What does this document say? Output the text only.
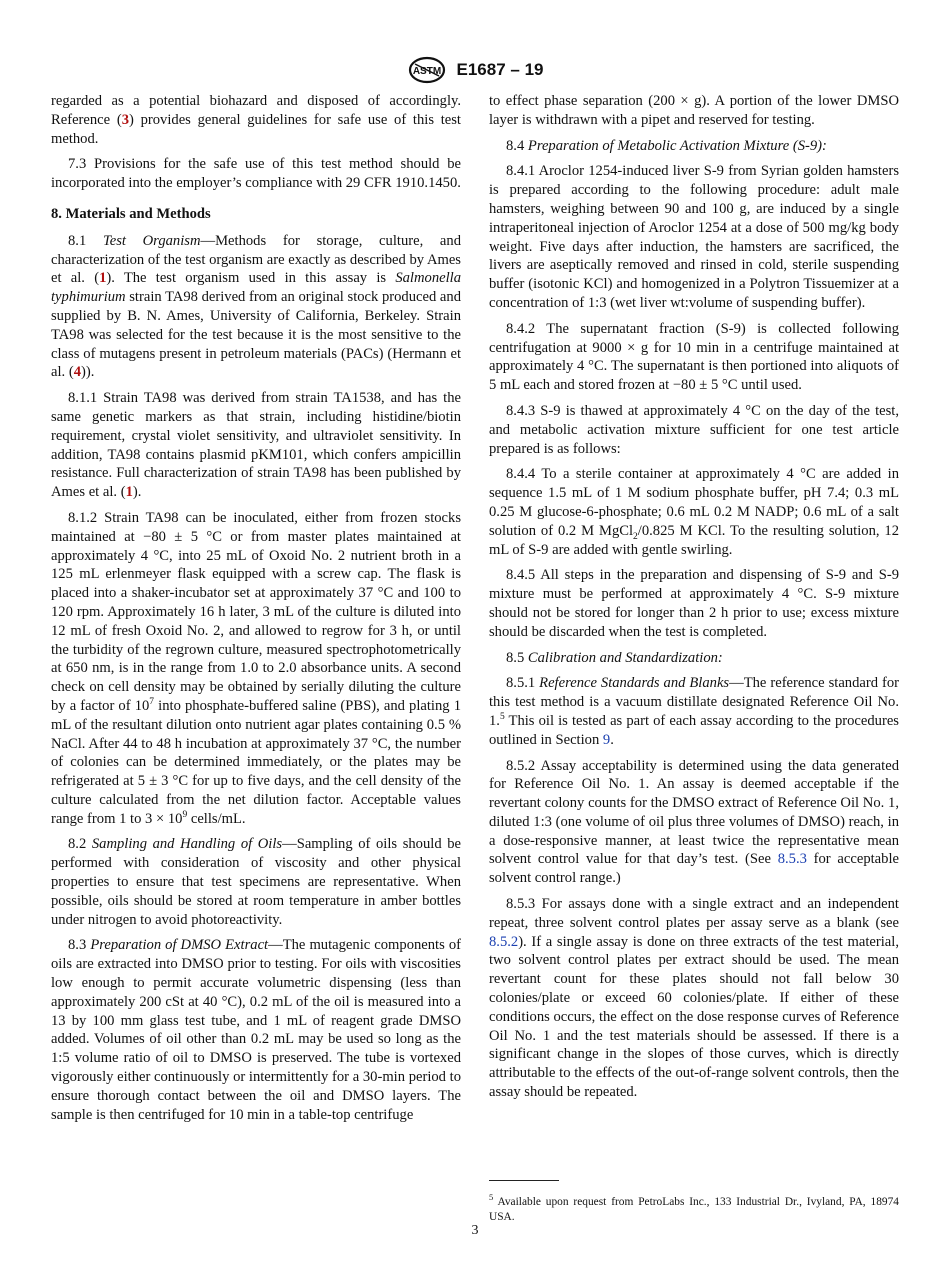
ASTM E1687 – 19

regarded as a potential biohazard and disposed of accordingly. Reference (3) provides general guidelines for safe use of this test method.

7.3 Provisions for the safe use of this test method should be incorporated into the employer’s compliance with 29 CFR 1910.1450.

8. Materials and Methods

8.1 Test Organism—Methods for storage, culture, and characterization of the test organism are exactly as described by Ames et al. (1). The test organism used in this assay is Salmonella typhimurium strain TA98 derived from an original stock produced and supplied by B. N. Ames, University of California, Berkeley. Strain TA98 was selected for the test because it is the most sensitive to the class of mutagens present in petroleum materials (PACs) (Hermann et al. (4)).

8.1.1 Strain TA98 was derived from strain TA1538, and has the same genetic markers as that strain, including histidine/biotin requirement, crystal violet sensitivity, and ultraviolet sensitivity. In addition, TA98 contains plasmid pKM101, which confers ampicillin resistance. Full characterization of strain TA98 has been published by Ames et al. (1).

8.1.2 Strain TA98 can be inoculated, either from frozen stocks maintained at −80 ± 5 °C or from master plates maintained at approximately 4 °C, into 25 mL of Oxoid No. 2 nutrient broth in a 125 mL erlenmeyer flask equipped with a screw cap. The flask is placed into a shaker-incubator set at approximately 37 °C and 100 to 120 rpm. Approximately 16 h later, 3 mL of the culture is diluted into 12 mL of fresh Oxoid No. 2, and allowed to regrow for 3 h, or until the turbidity of the regrown culture, measured spectrophotometrically at 650 nm, is in the range from 1.0 to 2.0 absorbance units. A second check on cell density may be obtained by serially diluting the culture by a factor of $10^7$ into phosphate-buffered saline (PBS), and plating 1 mL of the resultant dilution onto nutrient agar plates containing 0.5 % NaCl. After 44 to 48 h incubation at approximately 37 °C, the number of colonies can be determined immediately, or the plates may be refrigerated at 5 ± 3 °C for up to five days, and the cell density of the culture calculated from the net dilution factor. Acceptable values range from 1 to $3 \times 10^9$ cells/mL.

8.2 Sampling and Handling of Oils—Sampling of oils should be performed with consideration of viscosity and other physical properties to ensure that test specimens are representative. When possible, oils should be stored at room temperature in amber bottles under nitrogen to avoid photoreactivity.

8.3 Preparation of DMSO Extract—The mutagenic components of oils are extracted into DMSO prior to testing. For oils with viscosities low enough to permit accurate volumetric dispensing (less than approximately 200 cSt at 40 °C), 0.2 mL of the oil is measured into a 13 by 100 mm glass test tube, and 1 mL of reagent grade DMSO added. Volumes of oil other than 0.2 mL may be used so long as the 1:5 volume ratio of oil to DMSO is preserved. The tube is vortexed vigorously either continuously or intermittently for a 30-min period to ensure thorough contact between the oil and DMSO layers. The sample is then centrifuged for 10 min in a table-top centrifuge

to effect phase separation (200 × g). A portion of the lower DMSO layer is withdrawn with a pipet and reserved for testing.

8.4 Preparation of Metabolic Activation Mixture (S-9):

8.4.1 Aroclor 1254-induced liver S-9 from Syrian golden hamsters is prepared according to the following procedure: adult male hamsters, weighing between 90 and 100 g, are induced by a single intraperitoneal injection of Aroclor 1254 at a dose of 500 mg/kg body weight. Five days after induction, the hamsters are sacrificed, the livers are aseptically removed and rinsed in cold, sterile suspending buffer (isotonic KCl) and homogenized in a Polytron Tissuemizer at a concentration of 1:3 (wet liver wt:volume of suspending buffer).

8.4.2 The supernatant fraction (S-9) is collected following centrifugation at 9000 × g for 10 min in a centrifuge maintained at approximately 4 °C. The supernatant is then portioned into aliquots of 5 mL each and stored frozen at −80 ± 5 °C until used.

8.4.3 S-9 is thawed at approximately 4 °C on the day of the test, and metabolic activation mixture sufficient for one test article prepared is as follows:

8.4.4 To a sterile container at approximately 4 °C are added in sequence 1.5 mL of 1 M sodium phosphate buffer, pH 7.4; 0.3 mL 0.25 M glucose-6-phosphate; 0.6 mL 0.2 M NADP; 0.6 mL of a salt solution of 0.2 M MgCl$_2$/0.825 M KCl. To the resulting solution, 12 mL of S-9 are added with gentle swirling.

8.4.5 All steps in the preparation and dispensing of S-9 and S-9 mixture must be performed at approximately 4 °C. S-9 mixture should not be stored for longer than 2 h prior to use; excess mixture should be discarded when the test is completed.

8.5 Calibration and Standardization:

8.5.1 Reference Standards and Blanks—The reference standard for this test method is a vacuum distillate designated Reference Oil No. 1.$^5$ This oil is tested as part of each assay according to the procedures outlined in Section 9.

8.5.2 Assay acceptability is determined using the data generated for Reference Oil No. 1. An assay is deemed acceptable if the revertant colony counts for the DMSO extract of Reference Oil No. 1, diluted 1:3 (one volume of oil plus three volumes of DMSO) reach, in a dose-responsive manner, at least twice the representative mean solvent control value for that day’s test. (See 8.5.3 for acceptable solvent control range.)

8.5.3 For assays done with a single extract and an independent repeat, three solvent control plates per assay serve as a blank (see 8.5.2). If a single assay is done on three extracts of the test material, two solvent control plates per extract should be used. The mean revertant count for these plates should not fall below 30 colonies/plate or exceed 60 colonies/plate. If either of these conditions occurs, the effect on the dose response curves of Reference Oil No. 1 and the test materials should be assessed. If there is a significant change in the slopes of those curves, which is directly attributable to the effects of the out-of-range solvent controls, then the assay should be repeated.

$^5$ Available upon request from PetroLabs Inc., 133 Industrial Dr., Ivyland, PA, 18974 USA.
3
